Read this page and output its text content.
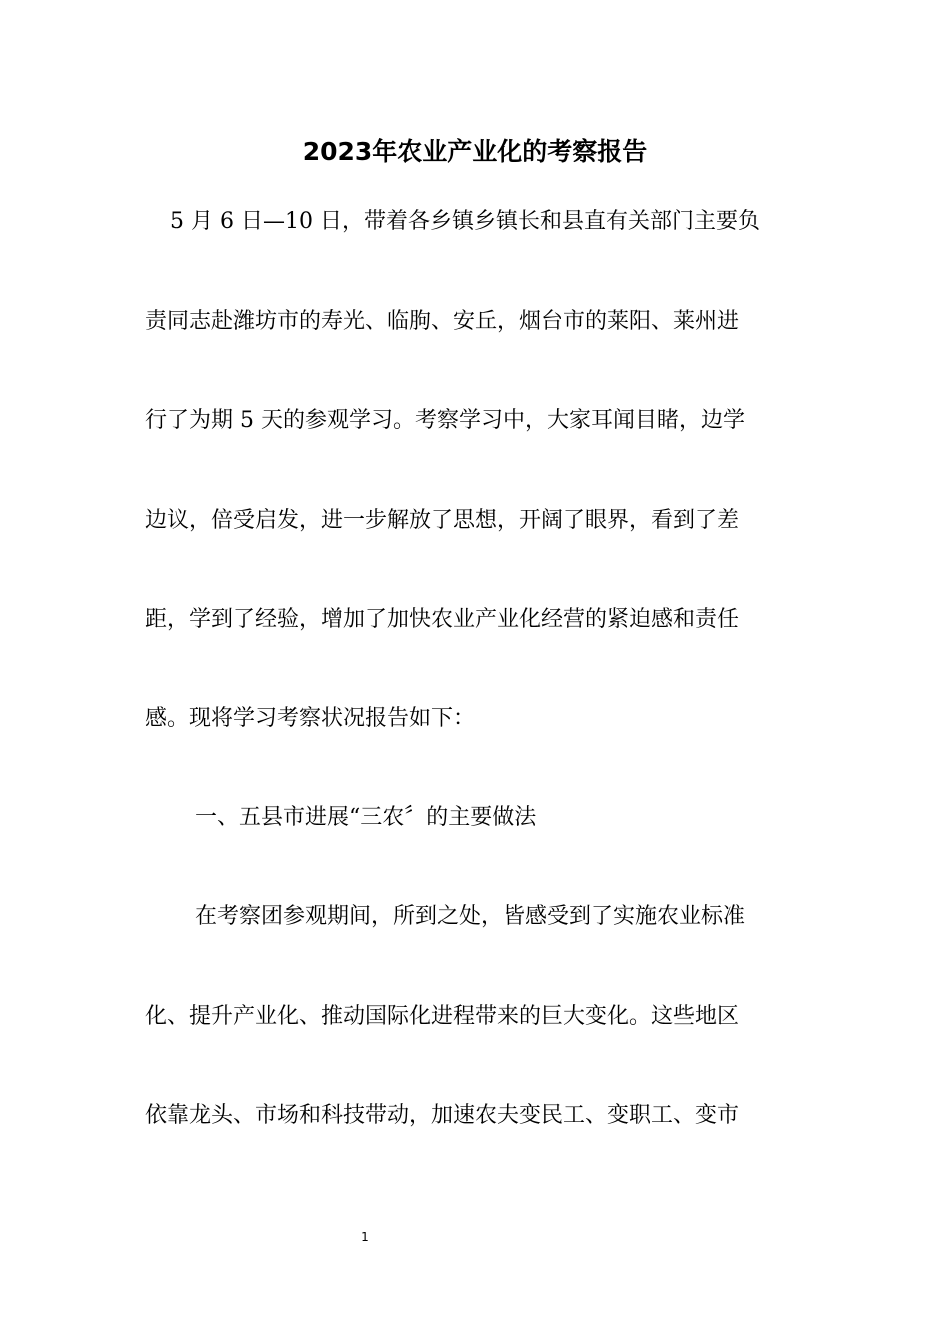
2023年农业产业化的考察报告

5 月 6 日—10 日，带着各乡镇乡镇长和县直有关部门主要负

责同志赴潍坊市的寿光、临朐、安丘，烟台市的莱阳、莱州进

行了为期 5 天的参观学习。考察学习中，大家耳闻目睹，边学

边议，倍受启发，进一步解放了思想，开阔了眼界，看到了差

距，学到了经验，增加了加快农业产业化经营的紧迫感和责任

感。现将学习考察状况报告如下：

一、五县市进展“三农〞的主要做法

在考察团参观期间，所到之处，皆感受到了实施农业标准

化、提升产业化、推动国际化进程带来的巨大变化。这些地区

依靠龙头、市场和科技带动，加速农夫变民工、变职工、变市

1
